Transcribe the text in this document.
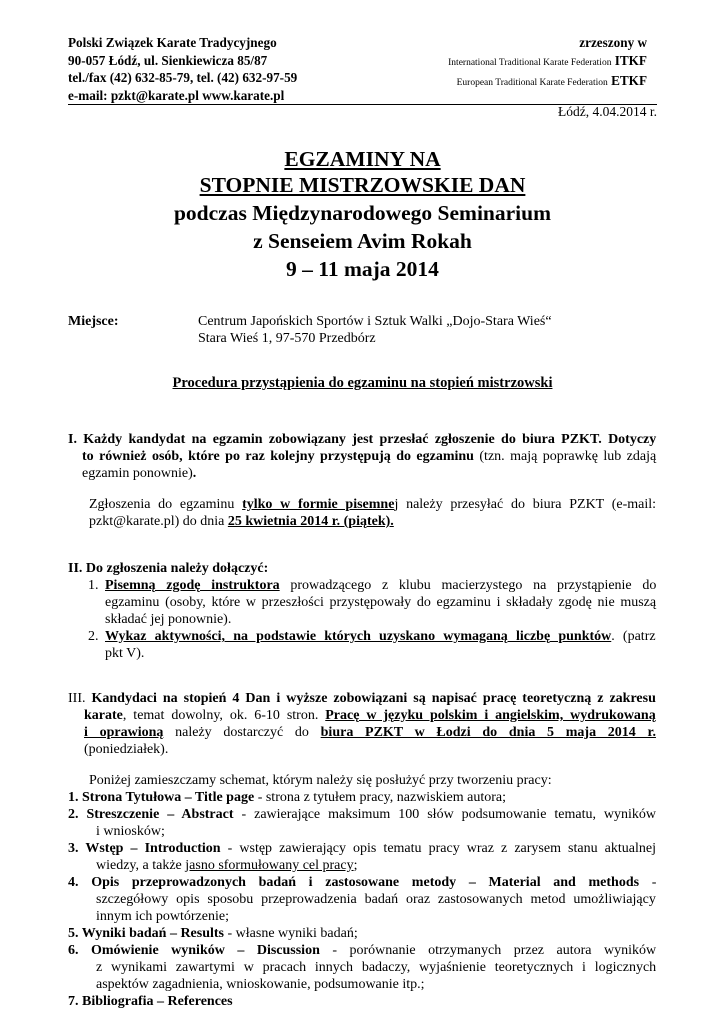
Polski Związek Karate Tradycyjnego
90-057 Łódź, ul. Sienkiewicza 85/87
tel./fax (42) 632-85-79, tel. (42) 632-97-59
e-mail: pzkt@karate.pl www.karate.pl
zrzeszony w
International Traditional Karate Federation ITKF
European Traditional Karate Federation ETKF
Łódź, 4.04.2014 r.
EGZAMINY NA
STOPNIE MISTRZOWSKIE DAN
podczas Międzynarodowego Seminarium
z Senseiem Avim Rokah
9 – 11 maja 2014
Miejsce:	Centrum Japońskich Sportów i Sztuk Walki „Dojo-Stara Wieś“
Stara Wieś 1, 97-570 Przedbórz
Procedura przystąpienia do egzaminu na stopień mistrzowski
I. Każdy kandydat na egzamin zobowiązany jest przesłać zgłoszenie do biura PZKT. Dotyczy
to również osób, które po raz kolejny przystępują do egzaminu (tzn. mają poprawkę lub zdają
egzamin ponownie).
Zgłoszenia do egzaminu tylko w formie pisemnej należy przesyłać do biura PZKT (e-mail:
pzkt@karate.pl) do dnia 25 kwietnia 2014 r. (piątek).
II. Do zgłoszenia należy dołączyć:
1. Pisemną zgodę instruktora prowadzącego z klubu macierzystego na przystąpienie do
egzaminu (osoby, które w przeszłości przystępowały do egzaminu i składały zgodę nie muszą
składać jej ponownie).
2. Wykaz aktywności, na podstawie których uzyskano wymaganą liczbę punktów. (patrz
pkt V).
III. Kandydaci na stopień 4 Dan i wyższe zobowiązani są napisać pracę teoretyczną z zakresu
karate, temat dowolny, ok. 6-10 stron. Pracę w języku polskim i angielskim, wydrukowaną
i oprawioną należy dostarczyć do biura PZKT w Łodzi do dnia 5 maja 2014 r.
(poniedziałek).
Poniżej zamieszczamy schemat, którym należy się posłużyć przy tworzeniu pracy:
1. Strona Tytułowa – Title page - strona z tytułem pracy, nazwiskiem autora;
2. Streszczenie – Abstract - zawierające maksimum 100 słów podsumowanie tematu, wyników
i wniosków;
3. Wstęp – Introduction - wstęp zawierający opis tematu pracy wraz z zarysem stanu aktualnej
wiedzy, a także jasno sformułowany cel pracy;
4. Opis przeprowadzonych badań i zastosowane metody – Material and methods -
szczegółowy opis sposobu przeprowadzenia badań oraz zastosowanych metod umożliwiający
innym ich powtórzenie;
5. Wyniki badań – Results - własne wyniki badań;
6. Omówienie wyników – Discussion - porównanie otrzymanych przez autora wyników
z wynikami zawartymi w pracach innych badaczy, wyjaśnienie teoretycznych i logicznych
aspektów zagadnienia, wnioskowanie, podsumowanie itp.;
7. Bibliografia – References
